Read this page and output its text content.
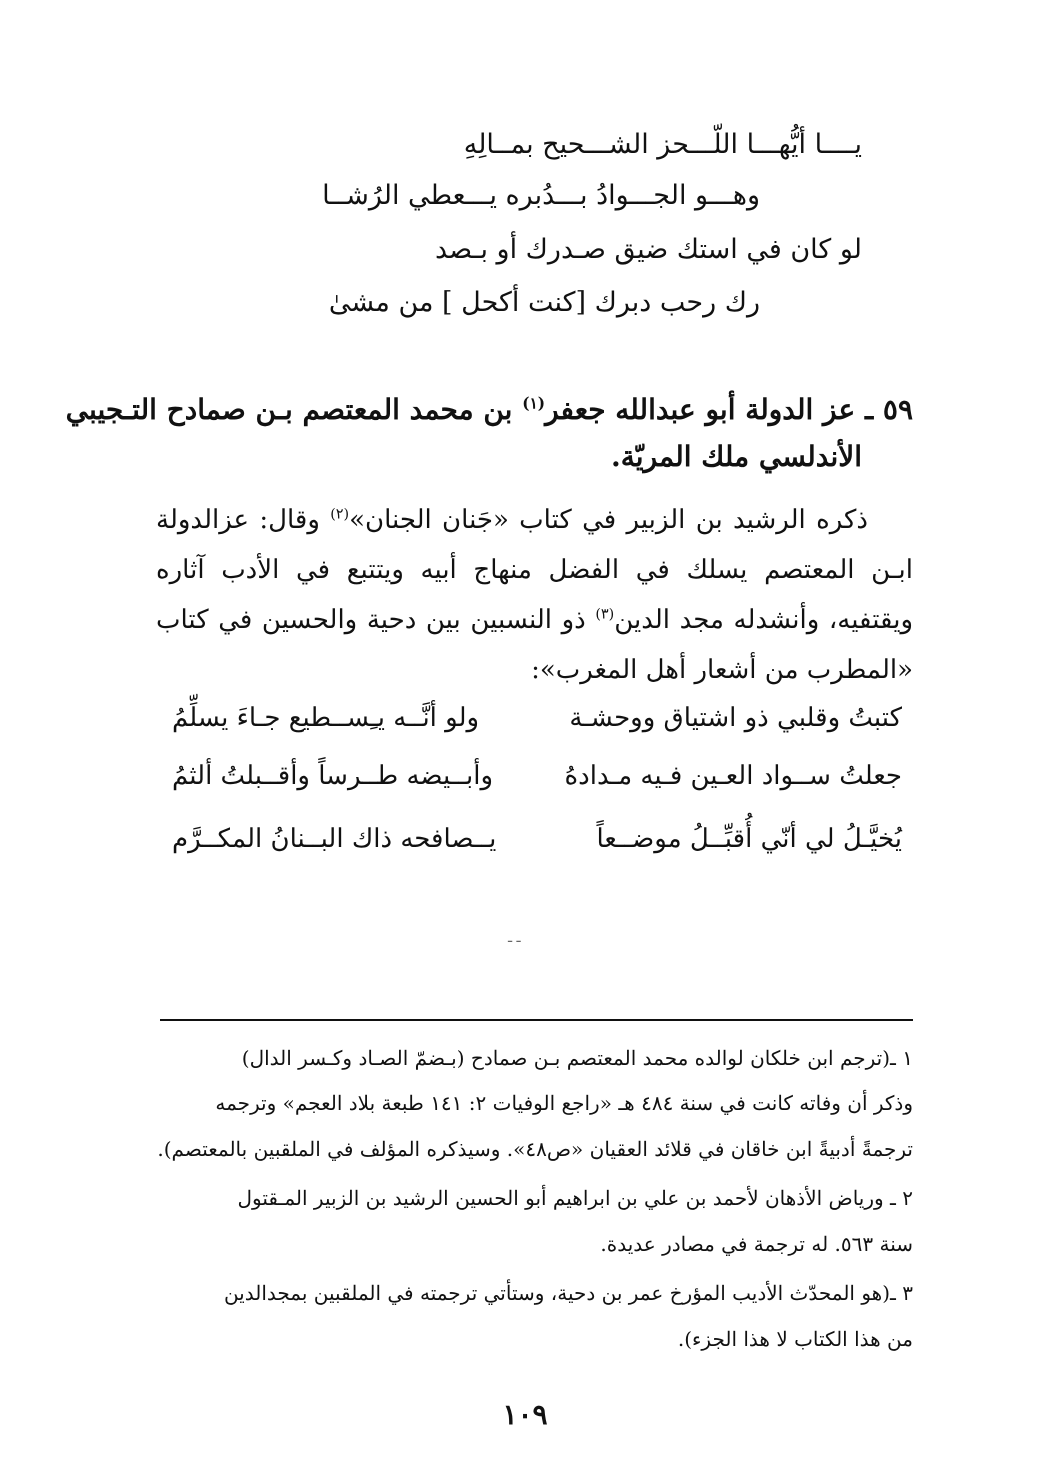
يــــا أيُّهـــا اللّـــحز الشـــحيح بمــالِهِ
وهـــو الجـــوادُ بـــدُبره يـــعطي الرُشــا
لو كان في استك ضيق صـدرك أو بـصد
رك رحب دبرك [كنت أكحل ] من مشىٰ
٥٩ ـ عز الدولة أبو عبدالله جعفر$^{(١)}$ بن محمد المعتصم بـن صمادح التـجيبي
الأندلسي ملك المريّة.
ذكره الرشيد بن الزبير في كتاب «جَنان الجنان»$^{(٢)}$ وقال: عزالدولة ابـن المعتصم يسلك في الفضل منهاج أبيه ويتتبع في الأدب آثاره ويقتفيه، وأنشدله مجد الدين$^{(٣)}$ ذو النسبين بين دحية والحسين في كتاب «المطرب من أشعار أهل المغرب»:
كتبتُ وقلبي ذو اشتياق ووحشـة
ولو أنَّــه يـِســطيع جـاءَ يسلِّمُ
جعلتُ ســواد العـين فـيه مـدادهُ
وأبــيضه طــرساً وأقــبلتُ ألثمُ
يُخيَّـلُ لي أنّي أُقبِّــلُ موضــعاً
يــصافحه ذاك البــنانُ المكــرَّم
ـ ـ
١ ـ(ترجم ابن خلكان لوالده محمد المعتصم بـن صمادح (بـضمّ الصـاد وكـسر الدال)
وذكر أن وفاته كانت في سنة ٤٨٤ هـ «راجع الوفيات ٢: ١٤١ طبعة بلاد العجم» وترجمه
ترجمةً أدبيةً ابن خاقان في قلائد العقيان «ص٤٨». وسيذكره المؤلف في الملقبين بالمعتصم).
٢ ـ ورياض الأذهان لأحمد بن علي بن ابراهيم أبو الحسين الرشيد بن الزبير المـقتول
سنة ٥٦٣. له ترجمة في مصادر عديدة.
٣ ـ(هو المحدّث الأديب المؤرخ عمر بن دحية، وستأتي ترجمته في الملقبين بمجدالدين
من هذا الكتاب لا هذا الجزء).
١٠٩
